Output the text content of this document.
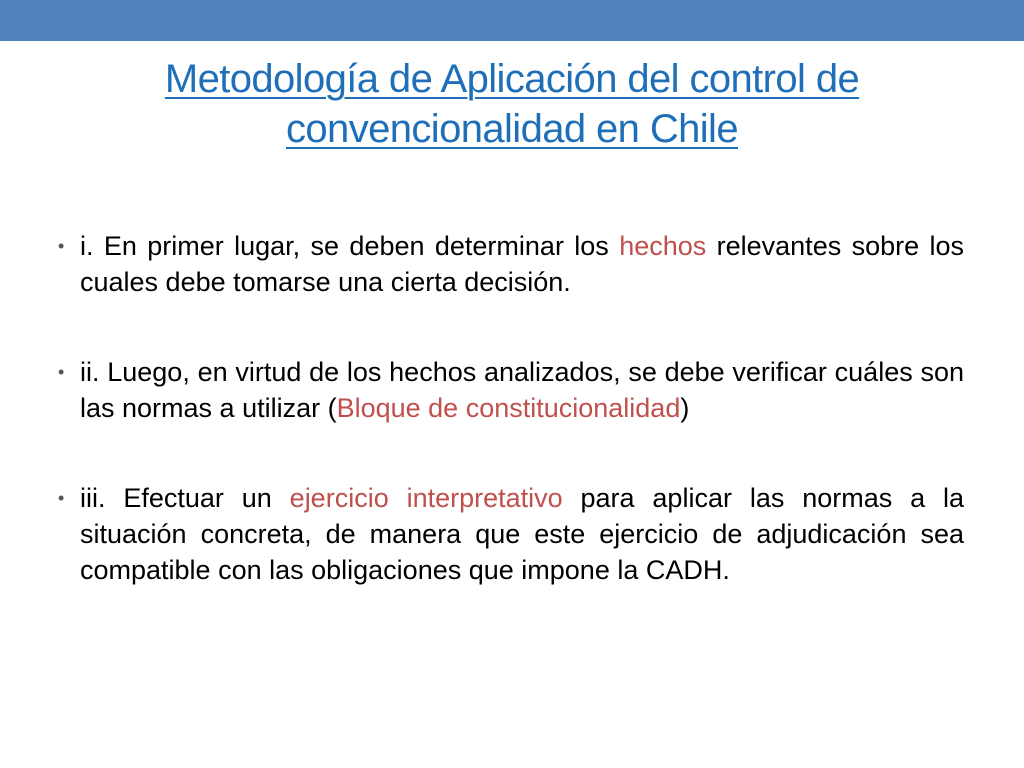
Metodología de Aplicación del control de
convencionalidad en Chile
• i. En primer lugar, se deben determinar los hechos relevantes sobre los cuales debe tomarse una cierta decisión.
• ii. Luego, en virtud de los hechos analizados, se debe verificar cuáles son las normas a utilizar (Bloque de constitucionalidad)
• iii. Efectuar un ejercicio interpretativo para aplicar las normas a la situación concreta, de manera que este ejercicio de adjudicación sea compatible con las obligaciones que impone la CADH.
